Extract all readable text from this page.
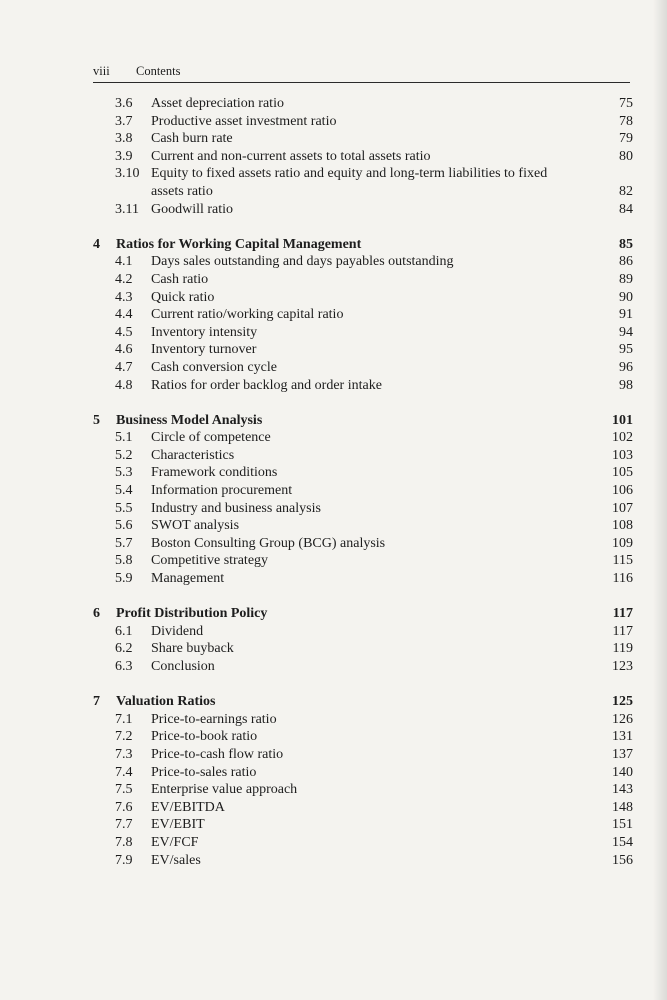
viii Contents
3.6 Asset depreciation ratio	75
3.7 Productive asset investment ratio	78
3.8 Cash burn rate	79
3.9 Current and non-current assets to total assets ratio	80
3.10 Equity to fixed assets ratio and equity and long-term liabilities to fixed assets ratio	82
3.11 Goodwill ratio	84
4 Ratios for Working Capital Management	85
4.1 Days sales outstanding and days payables outstanding	86
4.2 Cash ratio	89
4.3 Quick ratio	90
4.4 Current ratio/working capital ratio	91
4.5 Inventory intensity	94
4.6 Inventory turnover	95
4.7 Cash conversion cycle	96
4.8 Ratios for order backlog and order intake	98
5 Business Model Analysis	101
5.1 Circle of competence	102
5.2 Characteristics	103
5.3 Framework conditions	105
5.4 Information procurement	106
5.5 Industry and business analysis	107
5.6 SWOT analysis	108
5.7 Boston Consulting Group (BCG) analysis	109
5.8 Competitive strategy	115
5.9 Management	116
6 Profit Distribution Policy	117
6.1 Dividend	117
6.2 Share buyback	119
6.3 Conclusion	123
7 Valuation Ratios	125
7.1 Price-to-earnings ratio	126
7.2 Price-to-book ratio	131
7.3 Price-to-cash flow ratio	137
7.4 Price-to-sales ratio	140
7.5 Enterprise value approach	143
7.6 EV/EBITDA	148
7.7 EV/EBIT	151
7.8 EV/FCF	154
7.9 EV/sales	156
